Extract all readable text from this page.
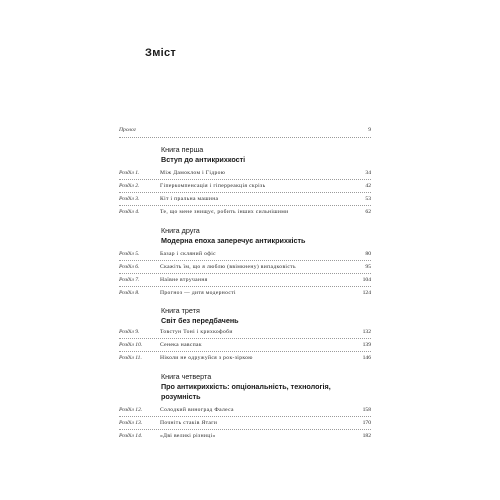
Зміст
Пролог	9
Книга перша
Вступ до антикрихкості
Розділ 1.	Між Дамоклом і Гідрою	34
Розділ 2.	Гіперкомпенсація і гіперреакція скрізь	42
Розділ 3.	Кіт і пральна машина	53
Розділ 4.	Те, що мене знищує, робить інших сильнішими	62
Книга друга
Модерна епоха заперечує антикрихкість
Розділ 5.	Базар і скляний офіс	80
Розділ 6.	Скажіть їм, що я люблю (ввімкнену) випадковість	95
Розділ 7.	Наївне втручання	104
Розділ 8.	Прогноз — дитя модерності	124
Книга третя
Світ без передбачень
Розділ 9.	Товстун Тоні і крихкофоби	132
Розділ 10.	Сенека навспак	139
Розділ 11.	Ніколи не одружуйся з рок-зіркою	146
Книга четверта
Про антикрихкість: опціональність, технологія, розумність
Розділ 12.	Солодкий виноград Фалеса	158
Розділ 13.	Почніть стаків Ятаги	170
Розділ 14.	«Дві великі різниці»	182
